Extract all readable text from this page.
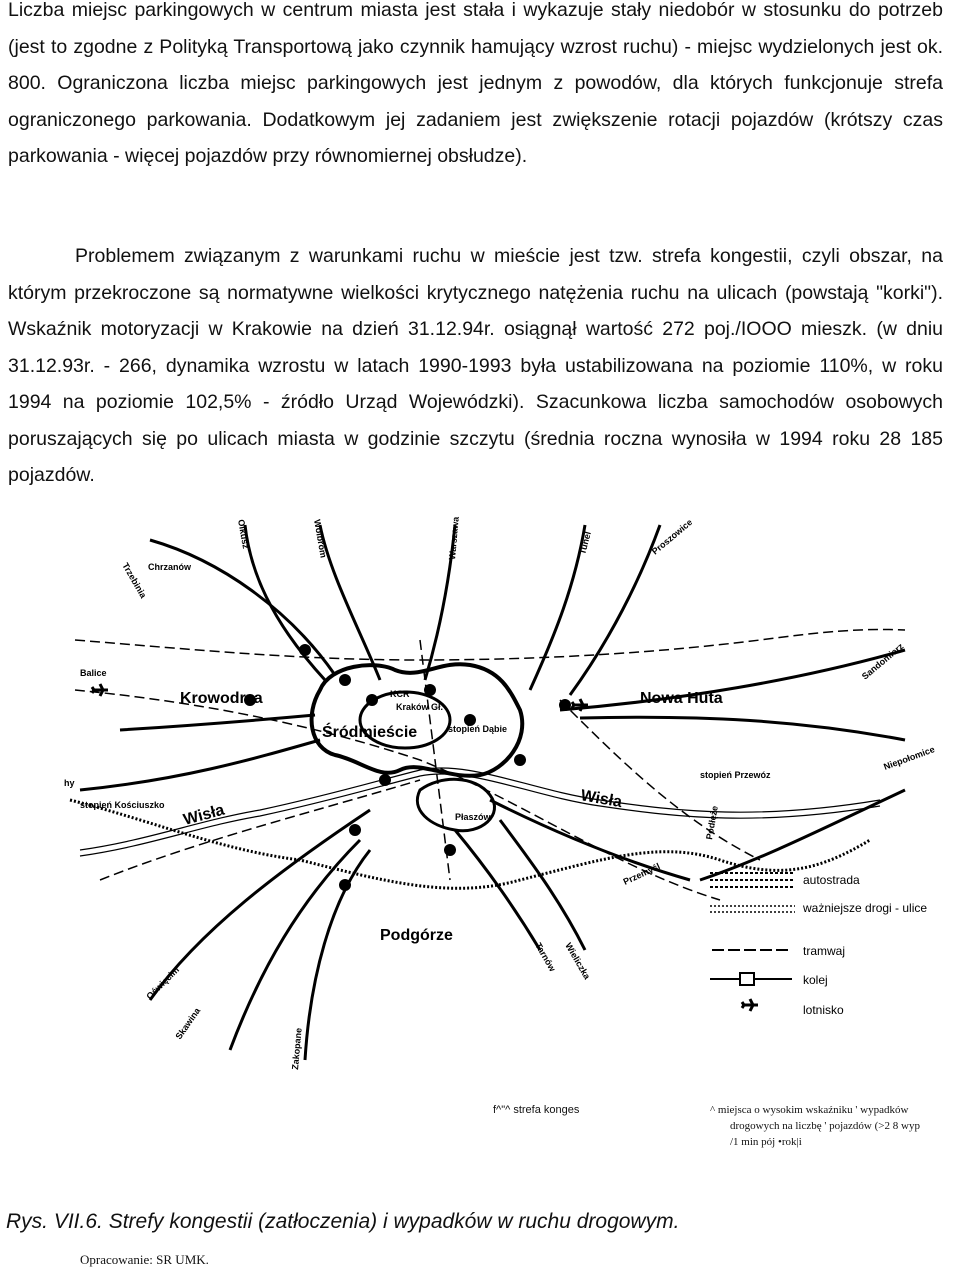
Liczba miejsc parkingowych w centrum miasta jest stała i wykazuje stały niedobór w stosunku do potrzeb (jest to zgodne z Polityką Transportową jako czynnik hamujący wzrost ruchu) - miejsc wydzielonych jest ok. 800. Ograniczona liczba miejsc parkingowych jest jednym z powodów, dla których funkcjonuje strefa ograniczonego parkowania. Dodatkowym jej zadaniem jest zwiększenie rotacji pojazdów (krótszy czas parkowania - więcej pojazdów przy równomiernej obsłudze).

Problemem związanym z warunkami ruchu w mieście jest tzw. strefa kongestii, czyli obszar, na którym przekroczone są normatywne wielkości krytycznego natężenia ruchu na ulicach (powstają "korki"). Wskaźnik motoryzacji w Krakowie na dzień 31.12.94r. osiągnął wartość 272 poj./IOOO mieszk. (w dniu 31.12.93r. - 266, dynamika wzrostu w latach 1990-1993 była ustabilizowana na poziomie 110%, w roku 1994 na poziomie 102,5% - źródło Urząd Wojewódzki). Szacunkowa liczba samochodów osobowych poruszających się po ulicach miasta w godzinie szczytu (średnia roczna wynosiła w 1994 roku 28 185 pojazdów.

Krowodrza	Nowa Huta
Śródmieście
Podgórze
Płaszów
Balice
Chrzanów
Trzebinia
Olkusz	Wolbrom	Warszawa	Tunel	Proszowice
Sandomierz
Niepołomice
Podłęże
Przemyśl
Tarnów Wieliczka
Zakopane
Oświęcim
Skawina
Wisła
Wisła
KCR
Kraków Gł.
stopień Kościuszko
stopień Przewóz
stopień Dąbie
hy
autostrada
ważniejsze drogi - ulice
tramwaj
kolej
lotnisko
f^"^ strefa konges	^ miejsca o wysokim wskaźniku ' wypadków
drogowych na liczbę ' pojazdów (>2 8 wyp
/1 min pój •rok|i
Rys. VII.6. Strefy kongestii (zatłoczenia) i wypadków w ruchu drogowym.
Opracowanie: SR UMK.
